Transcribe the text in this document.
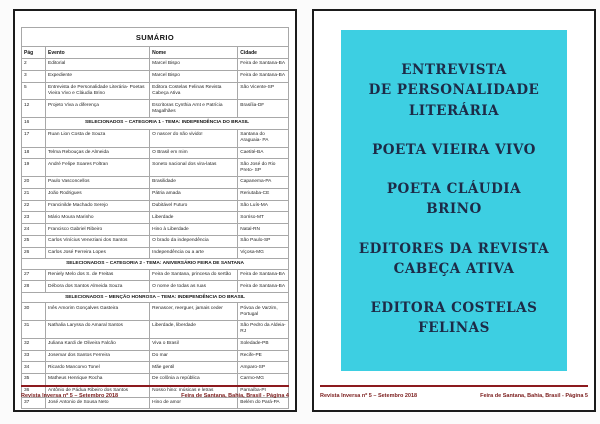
SUMÁRIO			
Pág	Evento	Nome	Cidade
2	Editorial	Marcel Bispo	Feira de Santana-BA
3	Expediente	Marcel Bispo	Feira de Santana-BA
5	Entrevista de Personalidade Literária- Poetas Vieira Vivo e Cláudia Brino	Editora Costelas Felinas Revista Cabeça Ativa	São Vicente-SP
12	Projeto Viva a diferença	Escritoras Cynthia Arnt e Patrícia Magalhães	Brasília-DF
16	SELECIONADOS – CATEGORIA 1 - TEMA: INDEPENDÊNCIA DO BRASIL		
17	Ruan Lion Costa de Souza	O nascer do não vivido!	Santana do Araguaia- PA
18	Telma Rebouças de Almeida	O Brasil em mim	Caetité-BA
19	André Felipe Soares Foltran	Soneto nacional dos vira-latas	São José do Rio Preto- SP
20	Paulo Vasconcellos	Brasilidade	Capanema-PA
21	João Rodrigues	Pátria amada	Reriutaba-CE
22	Francinilde Machado Serejo	Dubitável Futuro	São Luís-MA
23	Mário Moura Marinho	Liberdade	Sorriso-MT
24	Francisco Gabriel Ribeiro	Hino à Liberdade	Natal-RN
25	Carlos Vinícius Veneziani dos Santos	O brado da independência	São Paulo-SP
26	Carlos José Ferreira Lopes	Independência ou a arte	Viçosa-MG
SELECIONADOS – CATEGORIA 2 - TEMA: ANIVERSÁRIO FEIRA DE SANTANA			
27	Reniely Melo dos S. de Freitas	Feira de Santana, princesa do sertão	Feira de Santana-BA
28	Débora dos Santos Almeida Souza	O nome de todas as ruas	Feira de Santana-BA
SELECIONADOS – MENÇÃO HONROSA – TEMA: INDEPENDÊNCIA DO BRASIL			
30	Inês Amorim Gonçalves Gasteira	Renascer, reerguer, jamais ceder	Póvoa de Varzim, Portugal
31	Nathalia Laryssa do Amaral Santos	Liberdade, liberdade	São Pedro da Aldeia-RJ
32	Juliana Kardi de Oliveira Falcão	Viva o Brasil	Soledade-PB
33	Josemar dos Santos Ferreira	Do mar	Recife-PE
34	Ricardo Mancorvo Tonel	Mãe gentil	Amparo-SP
35	Matheus Henrique Rocha	De colônia a república	Carmo-MG
36	Antônio de Pádua Ribeiro dos Santos	Nosso hino: músicas e letras	Parnaíba-PI
37	José Antonio de Sousa Neto	Hino de amor	Belém do Pará-PA
Revista Inversa nº 5 – Setembro 2018	Feira de Santana, Bahia, Brasil - Página 4

ENTREVISTA
DE PERSONALIDADE
LITERÁRIA

POETA VIEIRA VIVO

POETA CLÁUDIA
BRINO

EDITORES DA REVISTA
CABEÇA ATIVA

EDITORA COSTELAS
FELINAS

Revista Inversa nº 5 – Setembro 2018	Feira de Santana, Bahia, Brasil - Página 5
